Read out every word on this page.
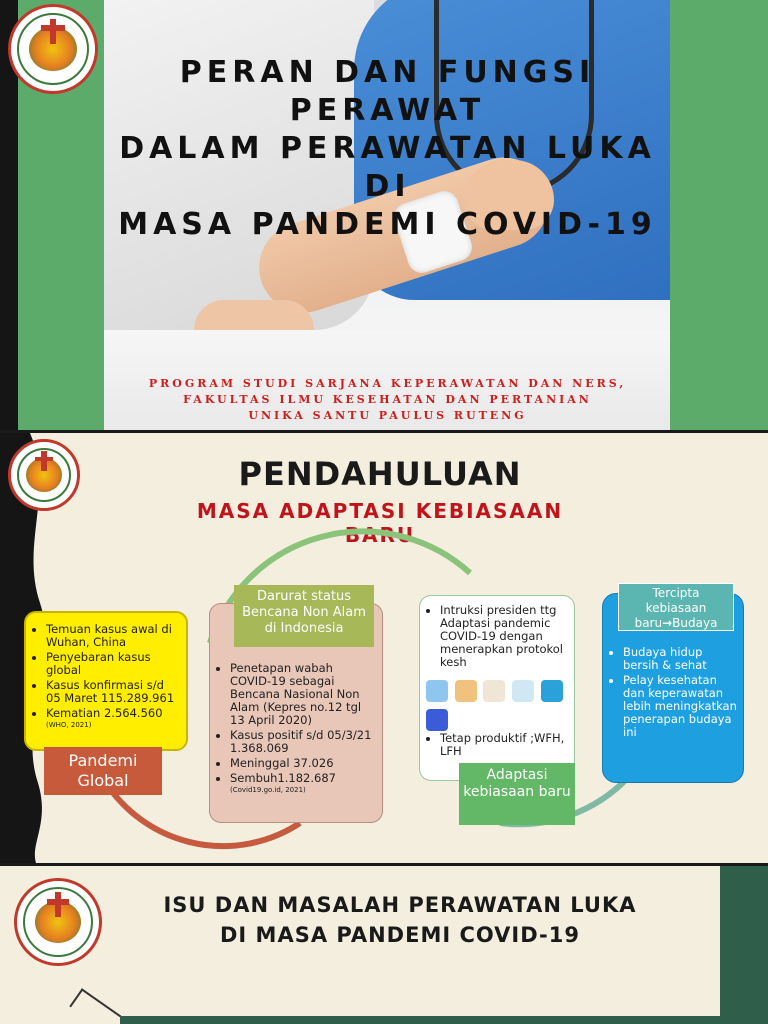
PERAN DAN FUNGSI PERAWAT
DALAM PERAWATAN LUKA DI
MASA PANDEMI COVID-19
PROGRAM STUDI SARJANA KEPERAWATAN DAN NERS,
FAKULTAS ILMU KESEHATAN DAN PERTANIAN
UNIKA SANTU PAULUS RUTENG
PENDAHULUAN
MASA ADAPTASI KEBIASAAN BARU
• Temuan kasus awal di Wuhan, China
• Penyebaran kasus global
• Kasus konfirmasi s/d 05 Maret 115.289.961
• Kematian 2.564.560
(WHO, 2021)
Pandemi Global
• Penetapan wabah COVID-19 sebagai Bencana Nasional Non Alam (Kepres no.12 tgl 13 April 2020)
• Kasus positif s/d 05/3/21 1.368.069
• Meninggal 37.026
• Sembuh1.182.687
(Covid19.go.id, 2021)
Darurat status Bencana Non Alam di Indonesia
• Intruksi presiden ttg Adaptasi pandemic COVID-19 dengan menerapkan protokol kesh

• Tetap produktif ;WFH, LFH
Adaptasi kebiasaan baru
• Budaya hidup bersih & sehat
• Pelay kesehatan dan keperawatan lebih meningkatkan penerapan budaya ini
Tercipta kebiasaan baru→Budaya
ISU DAN MASALAH PERAWATAN LUKA
DI MASA PANDEMI COVID-19
